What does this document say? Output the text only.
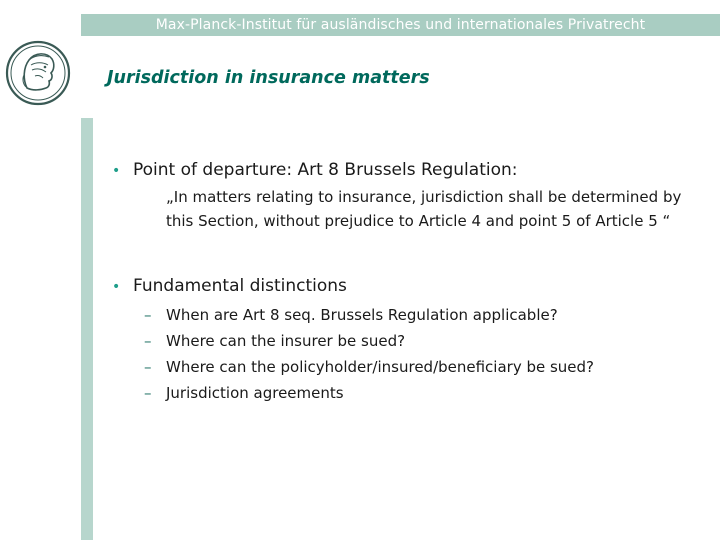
Max-Planck-Institut für ausländisches und internationales Privatrecht
Jurisdiction in insurance matters
• Point of departure: Art 8 Brussels Regulation:
„In matters relating to insurance, jurisdiction shall be determined by this Section, without prejudice to Article 4 and point 5 of Article 5 “
• Fundamental distinctions
– When are Art 8 seq. Brussels Regulation applicable?
– Where can the insurer be sued?
– Where can the policyholder/insured/beneficiary be sued?
– Jurisdiction agreements
